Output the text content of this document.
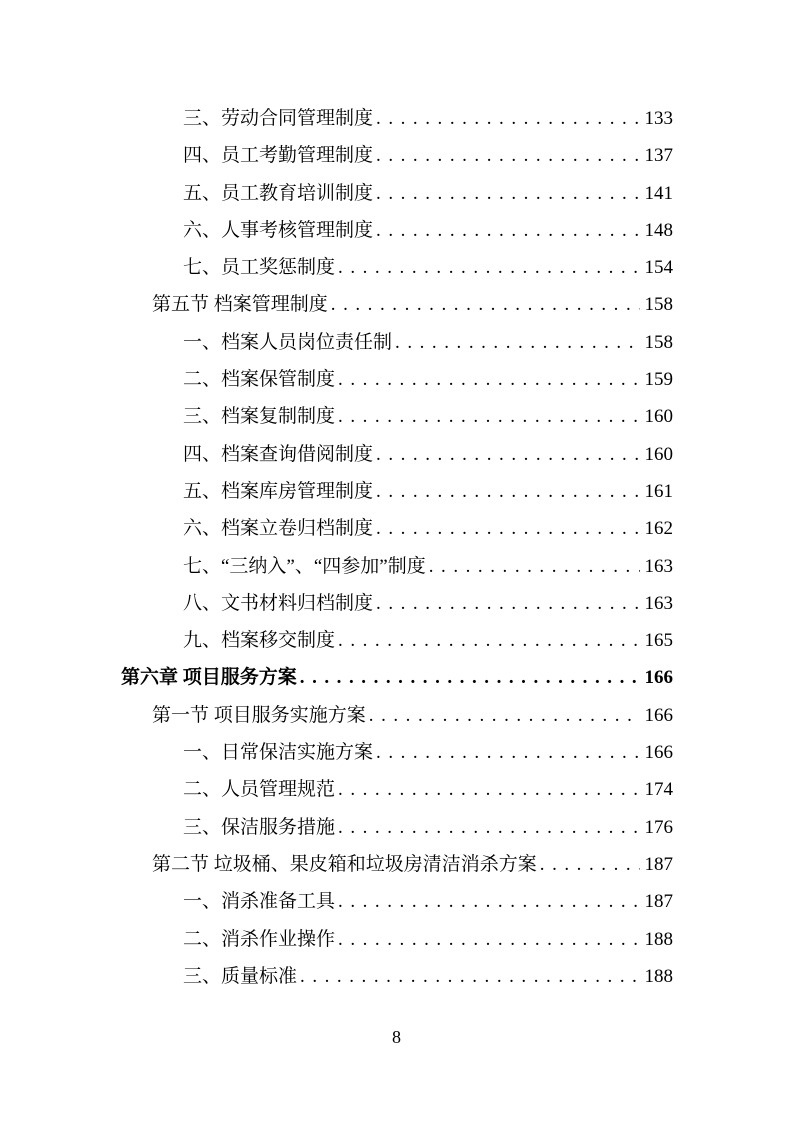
三、劳动合同管理制度 . . .	133
四、员工考勤管理制度 . . .	137
五、员工教育培训制度 . . .	141
六、人事考核管理制度 . . .	148
七、员工奖惩制度 . . .	154
第五节 档案管理制度 . . .	158
一、档案人员岗位责任制 . . .	158
二、档案保管制度 . . .	159
三、档案复制制度 . . .	160
四、档案查询借阅制度 . . .	160
五、档案库房管理制度 . . .	161
六、档案立卷归档制度 . . .	162
七、“三纳入”、“四参加”制度 . . .	163
八、文书材料归档制度 . . .	163
九、档案移交制度 . . .	165
第六章 项目服务方案 . . .	166
第一节 项目服务实施方案 . . .	166
一、日常保洁实施方案 . . .	166
二、人员管理规范 . . .	174
三、保洁服务措施 . . .	176
第二节 垃圾桶、果皮箱和垃圾房清洁消杀方案 . . .	187
一、消杀准备工具 . . .	187
二、消杀作业操作 . . .	188
三、质量标准 . . .	188
8
